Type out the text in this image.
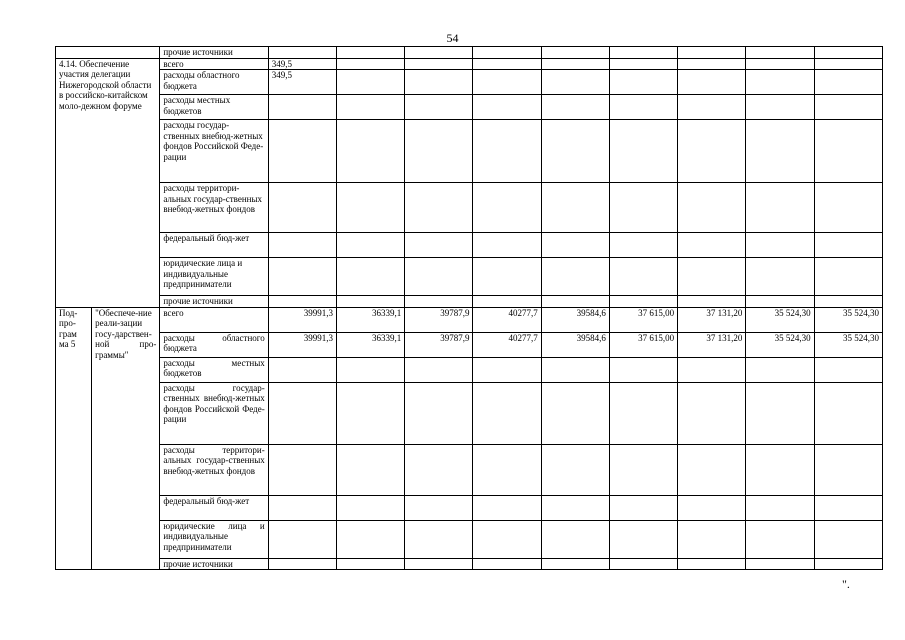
54
		прочие источники									
4.14. Обеспечение участия делегации Нижегородской области в российско-китайском моло-дежном форуме		всего	349,5								
		расходы областного бюджета	349,5								
		расходы местных бюджетов									
		расходы государ-ственных внебюд-жетных фондов Российской Феде-рации									
		расходы территори-альных государ-ственных внебюд-жетных фондов									
		федеральный бюд-жет									
		юридические лица и индивидуальные предприниматели									
		прочие источники									
Под-про-грам ма 5	"Обеспече-ние реали-зации госу-дарствен-ной про-граммы"	всего	39991,3	36339,1	39787,9	40277,7	39584,6	37 615,00	37 131,20	35 524,30	35 524,30
		расходы областного бюджета	39991,3	36339,1	39787,9	40277,7	39584,6	37 615,00	37 131,20	35 524,30	35 524,30
		расходы местных бюджетов									
		расходы государ-ственных внебюд-жетных фондов Российской Феде-рации									
		расходы территори-альных государ-ственных внебюд-жетных фондов									
		федеральный бюд-жет									
		юридические лица и индивидуальные предприниматели									
		прочие источники									
".
